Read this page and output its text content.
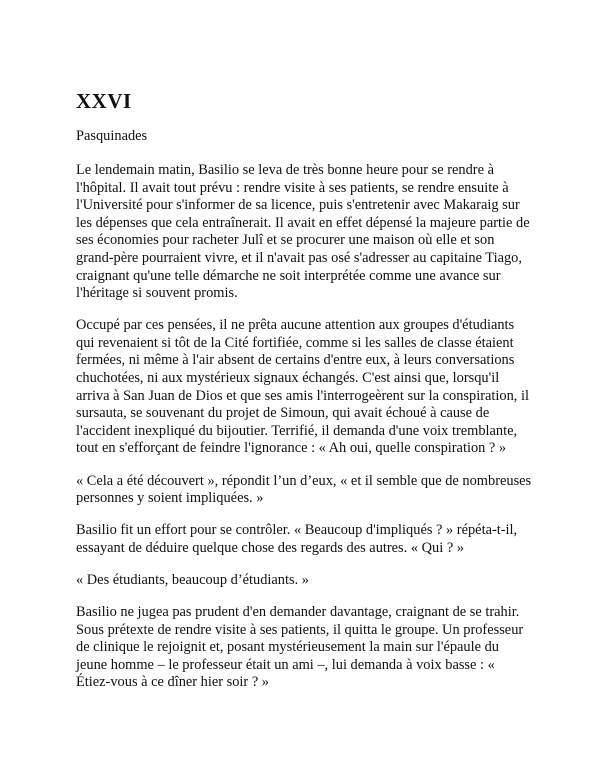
XXVI

Pasquinades

Le lendemain matin, Basilio se leva de très bonne heure pour se rendre à l'hôpital. Il avait tout prévu : rendre visite à ses patients, se rendre ensuite à l'Université pour s'informer de sa licence, puis s'entretenir avec Makaraig sur les dépenses que cela entraînerait. Il avait en effet dépensé la majeure partie de ses économies pour racheter Julî et se procurer une maison où elle et son grand-père pourraient vivre, et il n'avait pas osé s'adresser au capitaine Tiago, craignant qu'une telle démarche ne soit interprétée comme une avance sur l'héritage si souvent promis.

Occupé par ces pensées, il ne prêta aucune attention aux groupes d'étudiants qui revenaient si tôt de la Cité fortifiée, comme si les salles de classe étaient fermées, ni même à l'air absent de certains d'entre eux, à leurs conversations chuchotées, ni aux mystérieux signaux échangés. C'est ainsi que, lorsqu'il arriva à San Juan de Dios et que ses amis l'interrogeèrent sur la conspiration, il sursauta, se souvenant du projet de Simoun, qui avait échoué à cause de l'accident inexpliqué du bijoutier. Terrifié, il demanda d'une voix tremblante, tout en s'efforçant de feindre l'ignorance : « Ah oui, quelle conspiration ? »

« Cela a été découvert », répondit l’un d’eux, « et il semble que de nombreuses personnes y soient impliquées. »

Basilio fit un effort pour se contrôler. « Beaucoup d'impliqués ? » répéta-t-il, essayant de déduire quelque chose des regards des autres. « Qui ? »

« Des étudiants, beaucoup d’étudiants. »

Basilio ne jugea pas prudent d'en demander davantage, craignant de se trahir. Sous prétexte de rendre visite à ses patients, il quitta le groupe. Un professeur de clinique le rejoignit et, posant mystérieusement la main sur l'épaule du jeune homme – le professeur était un ami –, lui demanda à voix basse : « Étiez-vous à ce dîner hier soir ? »
